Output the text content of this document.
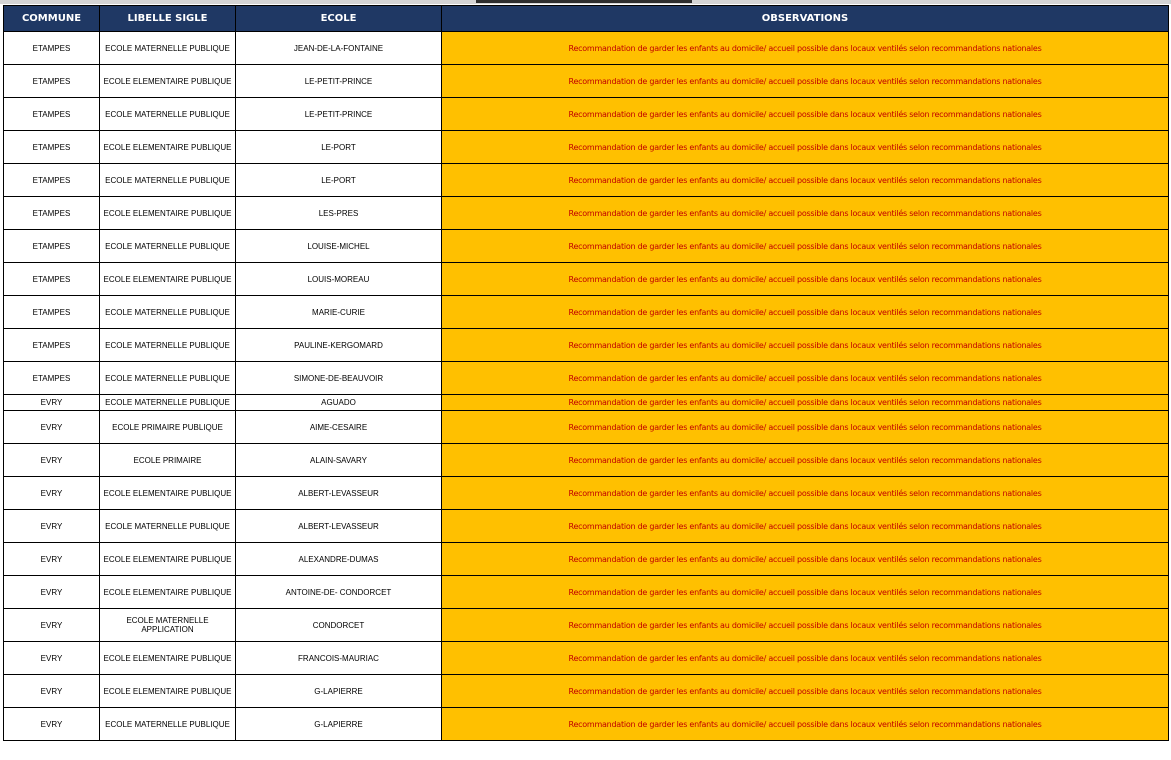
COMMUNE	LIBELLE SIGLE	ECOLE	OBSERVATIONS
ETAMPES	ECOLE MATERNELLE PUBLIQUE	JEAN-DE-LA-FONTAINE	Recommandation de garder les enfants au domicile/ accueil possible dans locaux ventilés selon recommandations nationales
ETAMPES	ECOLE ELEMENTAIRE PUBLIQUE	LE-PETIT-PRINCE	Recommandation de garder les enfants au domicile/ accueil possible dans locaux ventilés selon recommandations nationales
ETAMPES	ECOLE MATERNELLE PUBLIQUE	LE-PETIT-PRINCE	Recommandation de garder les enfants au domicile/ accueil possible dans locaux ventilés selon recommandations nationales
ETAMPES	ECOLE ELEMENTAIRE PUBLIQUE	LE-PORT	Recommandation de garder les enfants au domicile/ accueil possible dans locaux ventilés selon recommandations nationales
ETAMPES	ECOLE MATERNELLE PUBLIQUE	LE-PORT	Recommandation de garder les enfants au domicile/ accueil possible dans locaux ventilés selon recommandations nationales
ETAMPES	ECOLE ELEMENTAIRE PUBLIQUE	LES-PRES	Recommandation de garder les enfants au domicile/ accueil possible dans locaux ventilés selon recommandations nationales
ETAMPES	ECOLE MATERNELLE PUBLIQUE	LOUISE-MICHEL	Recommandation de garder les enfants au domicile/ accueil possible dans locaux ventilés selon recommandations nationales
ETAMPES	ECOLE ELEMENTAIRE PUBLIQUE	LOUIS-MOREAU	Recommandation de garder les enfants au domicile/ accueil possible dans locaux ventilés selon recommandations nationales
ETAMPES	ECOLE MATERNELLE PUBLIQUE	MARIE-CURIE	Recommandation de garder les enfants au domicile/ accueil possible dans locaux ventilés selon recommandations nationales
ETAMPES	ECOLE MATERNELLE PUBLIQUE	PAULINE-KERGOMARD	Recommandation de garder les enfants au domicile/ accueil possible dans locaux ventilés selon recommandations nationales
ETAMPES	ECOLE MATERNELLE PUBLIQUE	SIMONE-DE-BEAUVOIR	Recommandation de garder les enfants au domicile/ accueil possible dans locaux ventilés selon recommandations nationales
EVRY	ECOLE MATERNELLE PUBLIQUE	AGUADO	Recommandation de garder les enfants au domicile/ accueil possible dans locaux ventilés selon recommandations nationales
EVRY	ECOLE PRIMAIRE PUBLIQUE	AIME-CESAIRE	Recommandation de garder les enfants au domicile/ accueil possible dans locaux ventilés selon recommandations nationales
EVRY	ECOLE PRIMAIRE	ALAIN-SAVARY	Recommandation de garder les enfants au domicile/ accueil possible dans locaux ventilés selon recommandations nationales
EVRY	ECOLE ELEMENTAIRE PUBLIQUE	ALBERT-LEVASSEUR	Recommandation de garder les enfants au domicile/ accueil possible dans locaux ventilés selon recommandations nationales
EVRY	ECOLE MATERNELLE PUBLIQUE	ALBERT-LEVASSEUR	Recommandation de garder les enfants au domicile/ accueil possible dans locaux ventilés selon recommandations nationales
EVRY	ECOLE ELEMENTAIRE PUBLIQUE	ALEXANDRE-DUMAS	Recommandation de garder les enfants au domicile/ accueil possible dans locaux ventilés selon recommandations nationales
EVRY	ECOLE ELEMENTAIRE PUBLIQUE	ANTOINE-DE- CONDORCET	Recommandation de garder les enfants au domicile/ accueil possible dans locaux ventilés selon recommandations nationales
EVRY	ECOLE MATERNELLE APPLICATION	CONDORCET	Recommandation de garder les enfants au domicile/ accueil possible dans locaux ventilés selon recommandations nationales
EVRY	ECOLE ELEMENTAIRE PUBLIQUE	FRANCOIS-MAURIAC	Recommandation de garder les enfants au domicile/ accueil possible dans locaux ventilés selon recommandations nationales
EVRY	ECOLE ELEMENTAIRE PUBLIQUE	G-LAPIERRE	Recommandation de garder les enfants au domicile/ accueil possible dans locaux ventilés selon recommandations nationales
EVRY	ECOLE MATERNELLE PUBLIQUE	G-LAPIERRE	Recommandation de garder les enfants au domicile/ accueil possible dans locaux ventilés selon recommandations nationales
